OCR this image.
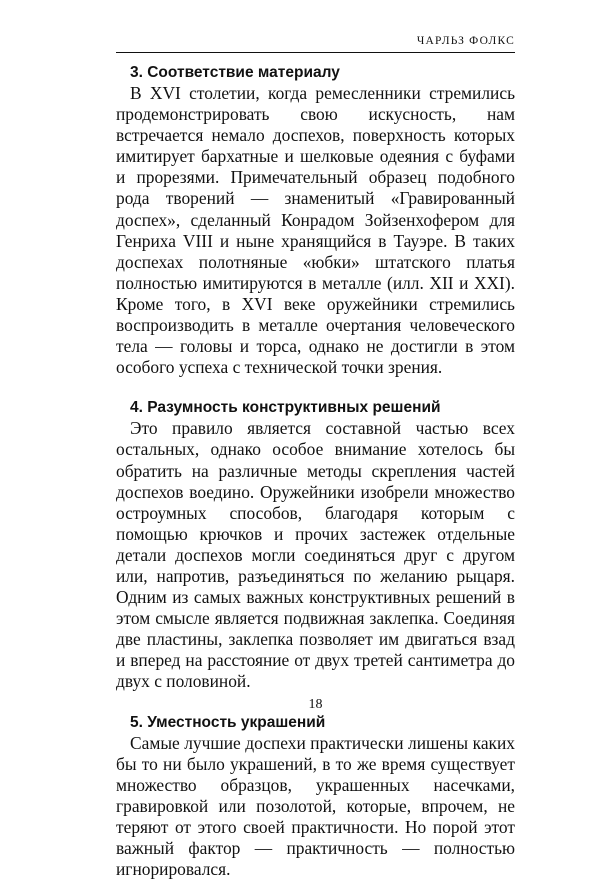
ЧАРЛЬЗ ФОЛКС
3. Соответствие материалу

В XVI столетии, когда ремесленники стремились продемонстрировать свою искусность, нам встречается немало доспехов, поверхность которых имитирует бархатные и шелковые одеяния с буфами и прорезями. Примечательный образец подобного рода творений — знаменитый «Гравированный доспех», сделанный Конрадом Зойзенхофером для Генриха VIII и ныне хранящийся в Тауэре. В таких доспехах полотняные «юбки» штатского платья полностью имитируются в металле (илл. XII и XXI). Кроме того, в XVI веке оружейники стремились воспроизводить в металле очертания человеческого тела — головы и торса, однако не достигли в этом особого успеха с технической точки зрения.

4. Разумность конструктивных решений

Это правило является составной частью всех остальных, однако особое внимание хотелось бы обратить на различные методы скрепления частей доспехов воедино. Оружейники изобрели множество остроумных способов, благодаря которым с помощью крючков и прочих застежек отдельные детали доспехов могли соединяться друг с другом или, напротив, разъединяться по желанию рыцаря. Одним из самых важных конструктивных решений в этом смысле является подвижная заклепка. Соединяя две пластины, заклепка позволяет им двигаться взад и вперед на расстояние от двух третей сантиметра до двух с половиной.

5. Уместность украшений

Самые лучшие доспехи практически лишены каких бы то ни было украшений, в то же время существует множество образцов, украшенных насечками, гравировкой или позолотой, которые, впрочем, не теряют от этого своей практичности. Но порой этот важный фактор — практичность — полностью игнорировался.

18
